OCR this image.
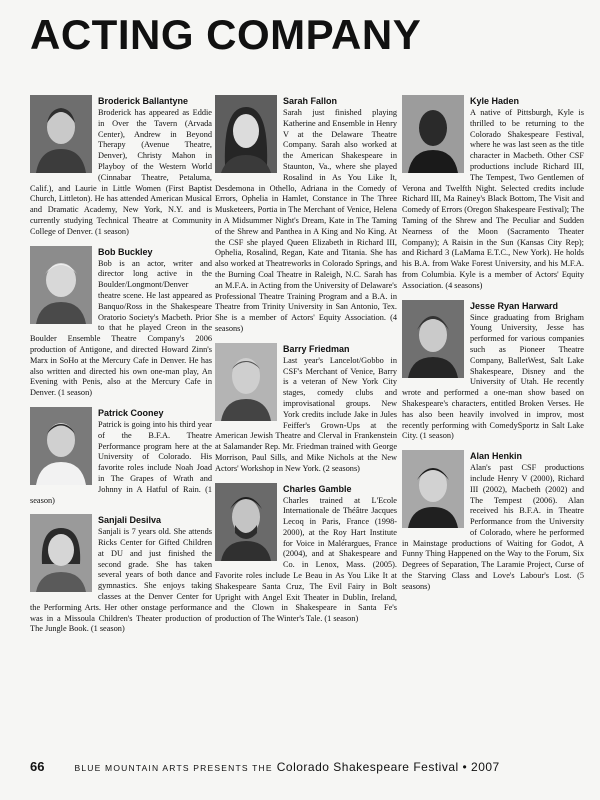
ACTING COMPANY
Broderick Ballantyne

Broderick has appeared as Eddie in Over the Tavern (Arvada Center), Andrew in Beyond Therapy (Avenue Theatre, Denver), Christy Mahon in Playboy of the Western World (Cinnabar Theatre, Petaluma, Calif.), and Laurie in Little Women (First Baptist Church, Littleton). He has attended American Musical and Dramatic Academy, New York, N.Y. and is currently studying Technical Theatre at Community College of Denver. (1 season)

Bob Buckley

Bob is an actor, writer and director long active in the Boulder/Longmont/Denver theatre scene. He last appeared as Banquo/Ross in the Shakespeare Oratorio Society's Macbeth. Prior to that he played Creon in the Boulder Ensemble Theatre Company's 2006 production of Antigone, and directed Howard Zinn's Marx in SoHo at the Mercury Cafe in Denver. He has also written and directed his own one-man play, An Evening with Penis, also at the Mercury Cafe in Denver. (1 season)

Patrick Cooney

Patrick is going into his third year of the B.F.A. Theatre Performance program here at the University of Colorado. His favorite roles include Noah Joad in The Grapes of Wrath and Johnny in A Hatful of Rain. (1 season)

Sanjali Desilva

Sanjali is 7 years old. She attends Ricks Center for Gifted Children at DU and just finished the second grade. She has taken several years of both dance and gymnastics. She enjoys taking classes at the Denver Center for the Performing Arts. Her other onstage performance was in a Missoula Children's Theater production of The Jungle Book. (1 season)

Sarah Fallon

Sarah just finished playing Katherine and Ensemble in Henry V at the Delaware Theatre Company. Sarah also worked at the American Shakespeare in Staunton, Va., where she played Rosalind in As You Like It, Desdemona in Othello, Adriana in the Comedy of Errors, Ophelia in Hamlet, Constance in The Three Musketeers, Portia in The Merchant of Venice, Helena in A Midsummer Night's Dream, Kate in The Taming of the Shrew and Panthea in A King and No King. At the CSF she played Queen Elizabeth in Richard III, Ophelia, Rosalind, Regan, Kate and Titania. She has also worked at Theatreworks in Colorado Springs, and the Burning Coal Theatre in Raleigh, N.C. Sarah has an M.F.A. in Acting from the University of Delaware's Professional Theatre Training Program and a B.A. in Theatre from Trinity University in San Antonio, Tex. She is a member of Actors' Equity Association. (4 seasons)

Barry Friedman

Last year's Lancelot/Gobbo in CSF's Merchant of Venice, Barry is a veteran of New York City stages, comedy clubs and improvisational groups. New York credits include Jake in Jules Feiffer's Grown-Ups at the American Jewish Theatre and Clerval in Frankenstein at Salamander Rep. Mr. Friedman trained with George Morrison, Paul Sills, and Mike Nichols at the New Actors' Workshop in New York. (2 seasons)

Charles Gamble

Charles trained at L'Ecole Internationale de Théâtre Jacques Lecoq in Paris, France (1998-2000), at the Roy Hart Institute for Voice in Malérargues, France (2004), and at Shakespeare and Co. in Lenox, Mass. (2005). Favorite roles include Le Beau in As You Like It at Shakespeare Santa Cruz, The Evil Fairy in Bolt Upright with Angel Exit Theater in Dublin, Ireland, and the Clown in Shakespeare in Santa Fe's production of The Winter's Tale. (1 season)

Kyle Haden

A native of Pittsburgh, Kyle is thrilled to be returning to the Colorado Shakespeare Festival, where he was last seen as the title character in Macbeth. Other CSF productions include Richard III, The Tempest, Two Gentlemen of Verona and Twelfth Night. Selected credits include Richard III, Ma Rainey's Black Bottom, The Visit and Comedy of Errors (Oregon Shakespeare Festival); The Taming of the Shrew and The Peculiar and Sudden Nearness of the Moon (Sacramento Theater Company); A Raisin in the Sun (Kansas City Rep); and Richard 3 (LaMama E.T.C., New York). He holds his B.A. from Wake Forest University, and his M.F.A. from Columbia. Kyle is a member of Actors' Equity Association. (4 seasons)

Jesse Ryan Harward

Since graduating from Brigham Young University, Jesse has performed for various companies such as Pioneer Theatre Company, BalletWest, Salt Lake Shakespeare, Disney and the University of Utah. He recently wrote and performed a one-man show based on Shakespeare's characters, entitled Broken Verses. He has also been heavily involved in improv, most recently performing with ComedySportz in Salt Lake City. (1 season)

Alan Henkin

Alan's past CSF productions include Henry V (2000), Richard III (2002), Macbeth (2002) and The Tempest (2006). Alan received his B.F.A. in Theatre Performance from the University of Colorado, where he performed in Mainstage productions of Waiting for Godot, A Funny Thing Happened on the Way to the Forum, Six Degrees of Separation, The Laramie Project, Curse of the Starving Class and Love's Labour's Lost. (5 seasons)

66	BLUE MOUNTAIN ARTS PRESENTS THE Colorado Shakespeare Festival • 2007
